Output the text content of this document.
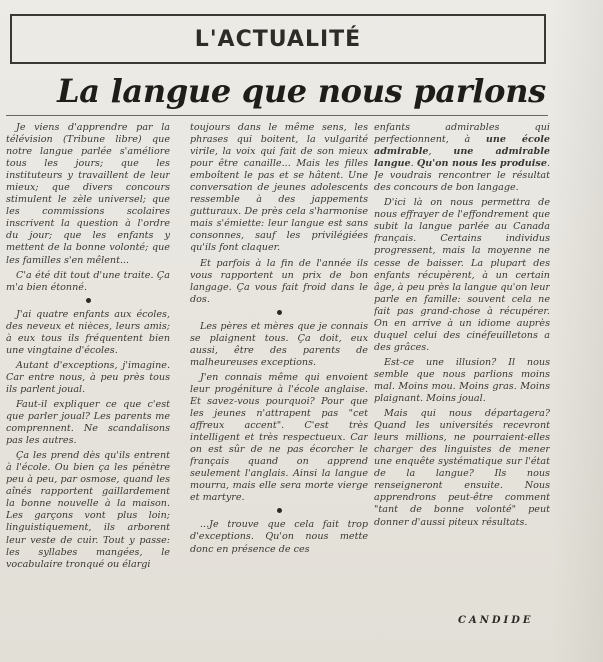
L'ACTUALITÉ
La langue que nous parlons

Je viens d'apprendre par la télévision (Tribune libre) que notre langue parlée s'améliore tous les jours; que les instituteurs y travaillent de leur mieux; que divers concours stimulent le zèle universel; que les commissions scolaires inscrivent la question à l'ordre du jour; que les enfants y mettent de la bonne volonté; que les familles s'en mêlent...

C'a été dit tout d'une traite. Ça m'a bien étonné.

J'ai quatre enfants aux écoles, des neveux et nièces, leurs amis; à eux tous ils fréquentent bien une vingtaine d'écoles.

Autant d'exceptions, j'imagine. Car entre nous, à peu près tous ils parlent joual.

Faut-il expliquer ce que c'est que parler joual? Les parents me comprennent. Ne scandalisons pas les autres.

Ça les prend dès qu'ils entrent à l'école. Ou bien ça les pénètre peu à peu, par osmose, quand les aînés rapportent gaillardement la bonne nouvelle à la maison. Les garçons vont plus loin; linguistiquement, ils arborent leur veste de cuir. Tout y passe: les syllabes mangées, le vocabulaire tronqué ou élargi

toujours dans le même sens, les phrases qui boitent, la vulgarité virile, la voix qui fait de son mieux pour être canaille... Mais les filles emboîtent le pas et se hâtent. Une conversation de jeunes adolescents ressemble à des jappements gutturaux. De près cela s'harmonise mais s'émiette: leur langue est sans consonnes, sauf les privilégiées qu'ils font claquer.

Et parfois à la fin de l'année ils vous rapportent un prix de bon langage. Ça vous fait froid dans le dos.

Les pères et mères que je connais se plaignent tous. Ça doit, eux aussi, être des parents de malheureuses exceptions.

J'en connais même qui envoient leur progéniture à l'école anglaise. Et savez-vous pourquoi? Pour que les jeunes n'attrapent pas "cet affreux accent". C'est très intelligent et très respectueux. Car on est sûr de ne pas écorcher le français quand on apprend seulement l'anglais. Ainsi la langue mourra, mais elle sera morte vierge et martyre.

...Je trouve que cela fait trop d'exceptions. Qu'on nous mette donc en présence de ces

enfants admirables qui perfectionnent, à une école admirable, une admirable langue. Qu'on nous les produise. Je voudrais rencontrer le résultat des concours de bon langage.

D'ici là on nous permettra de nous effrayer de l'effondrement que subit la langue parlée au Canada français. Certains individus progressent, mais la moyenne ne cesse de baisser. La plupart des enfants récupèrent, à un certain âge, à peu près la langue qu'on leur parle en famille: souvent cela ne fait pas grand-chose à récupérer. On en arrive à un idiome auprès duquel celui des cinéfeuilletons a des grâces.

Est-ce une illusion? Il nous semble que nous parlions moins mal. Moins mou. Moins gras. Moins plaignant. Moins joual.

Mais qui nous départagera? Quand les universités recevront leurs millions, ne pourraient-elles charger des linguistes de mener une enquête systématique sur l'état de la langue? Ils nous renseigneront ensuite. Nous apprendrons peut-être comment "tant de bonne volonté" peut donner d'aussi piteux résultats.

CANDIDE
